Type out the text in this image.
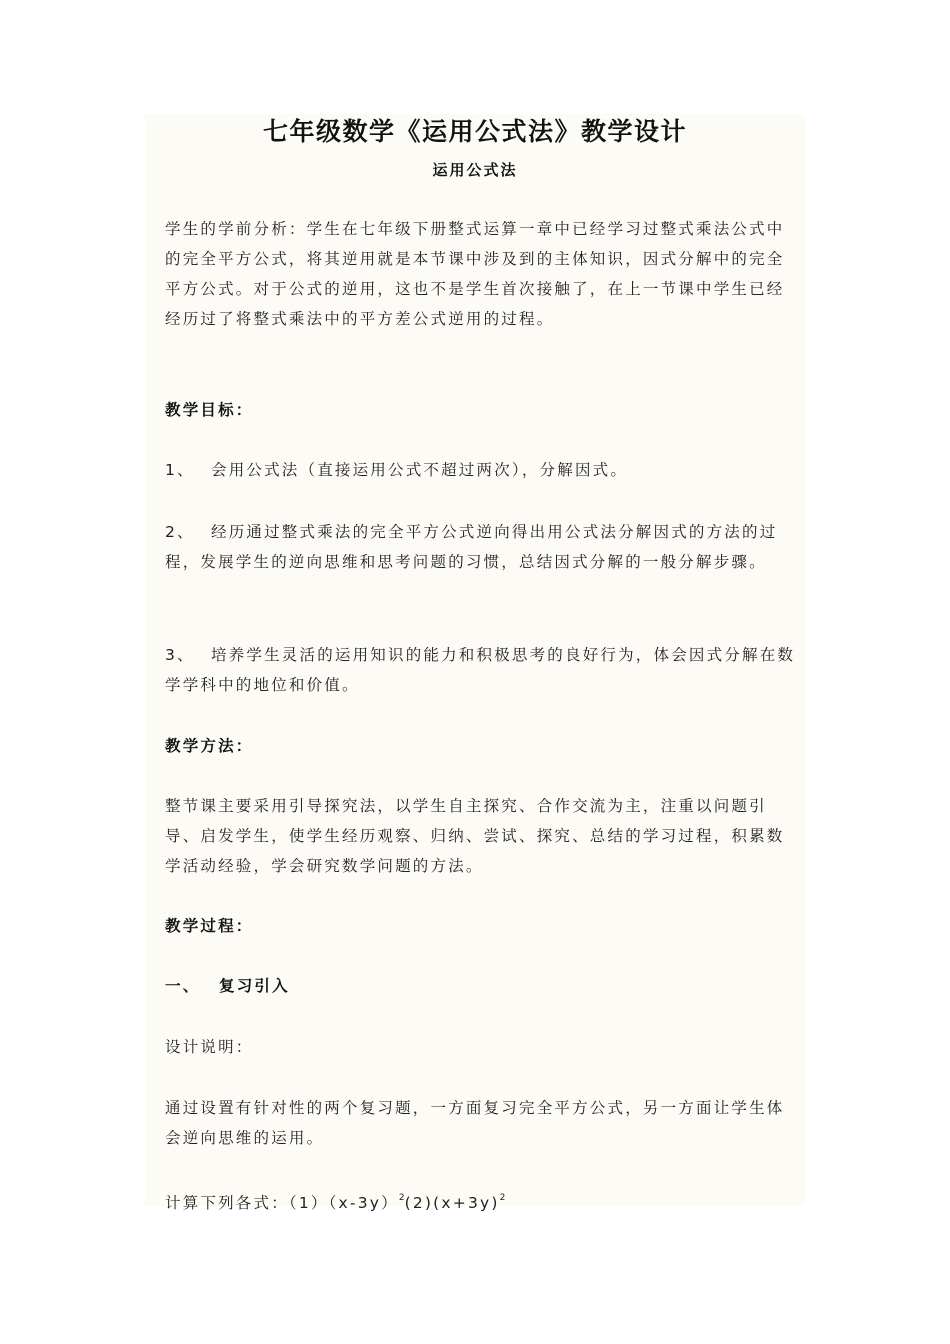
七年级数学《运用公式法》教学设计
运用公式法

学生的学前分析：学生在七年级下册整式运算一章中已经学习过整式乘法公式中的完全平方公式，将其逆用就是本节课中涉及到的主体知识，因式分解中的完全平方公式。对于公式的逆用，这也不是学生首次接触了，在上一节课中学生已经经历过了将整式乘法中的平方差公式逆用的过程。

教学目标：

1、 会用公式法（直接运用公式不超过两次），分解因式。

2、 经历通过整式乘法的完全平方公式逆向得出用公式法分解因式的方法的过程，发展学生的逆向思维和思考问题的习惯，总结因式分解的一般分解步骤。

3、 培养学生灵活的运用知识的能力和积极思考的良好行为，体会因式分解在数学学科中的地位和价值。

教学方法：

整节课主要采用引导探究法，以学生自主探究、合作交流为主，注重以问题引导、启发学生，使学生经历观察、归纳、尝试、探究、总结的学习过程，积累数学活动经验，学会研究数学问题的方法。

教学过程：

一、 复习引入

设计说明：

通过设置有针对性的两个复习题，一方面复习完全平方公式，另一方面让学生体会逆向思维的运用。

计算下列各式：$(1)(x-3y)^2(2)(x+3y)^2$
